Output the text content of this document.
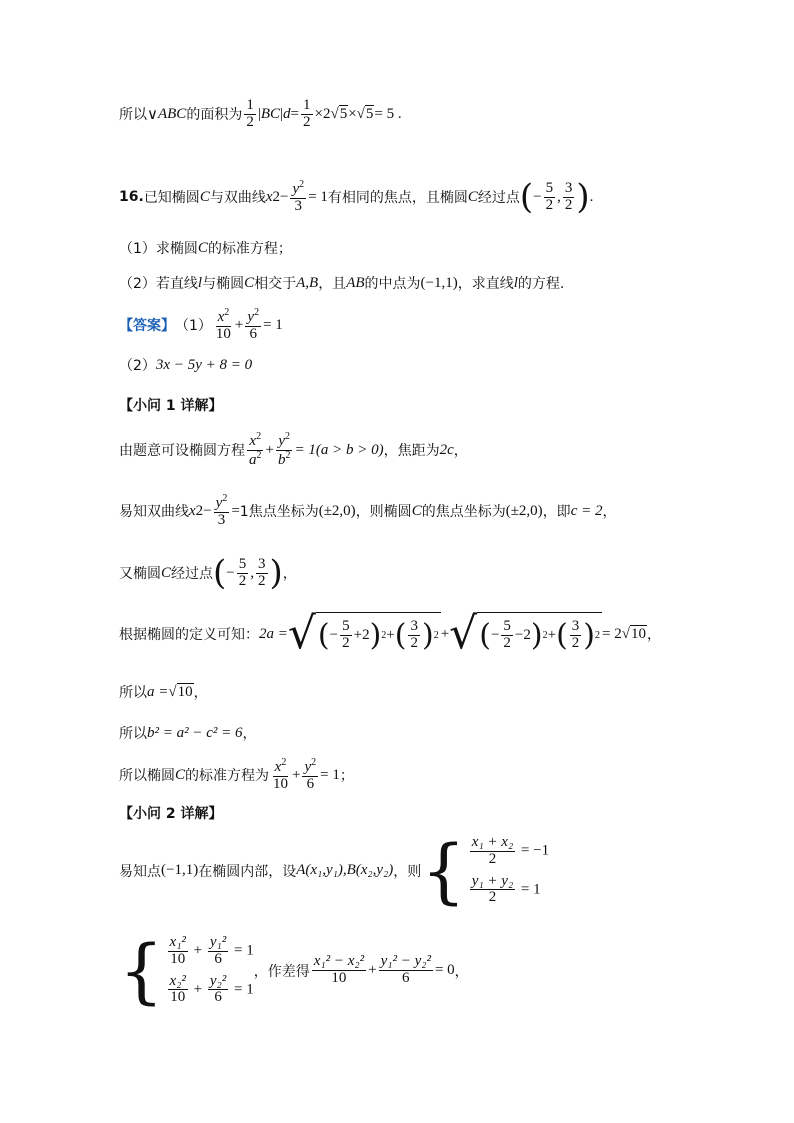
所以 ∨ ABC 的面积为 $\frac{1}{2}$ | BC | $d = \frac{1}{2} \times 2$ √ 5 × √ 5 = 5 .
16. 已知椭圆 C 与双曲线 x $2 - \frac{y^2}{3} = 1$ 有相同的焦点，且椭圆 C 经过点 ( − $\frac{5}{2}$ , $\frac{3}{2}$ ) .
（1）求椭圆 C 的标准方程；
（2）若直线 l 与椭圆 C 相交于 A,B ，且 AB 的中点为 (−1,1) ，求直线 l 的方程.
【答案】 $(1) \frac{x^2}{10} + \frac{y^2}{6} = 1$
（2） 3x − 5y + 8 = 0
【小问 1 详解】
由题意可设椭圆方程 $\frac{x^2}{a^2} + \frac{y^2}{b^2} = 1(a > b > 0)$ ，焦距为 2c ，
易知双曲线 x $2 - \frac{y^2}{3} = 1$焦点坐标为 (±2,0) ，则椭圆 C 的焦点坐标为 (±2,0) ，即 c = 2 ，
又椭圆 C 经过点 ( − $\frac{5}{2}$ , $\frac{3}{2}$ ) ，
根据椭圆的定义可知： 2a = √ ( − $\frac{5}{2} +2$ ) 2 + ( $\frac{3}{2}$ ) 2 + √ ( − $\frac{5}{2} -2$ ) 2 + ( $\frac{3}{2}$ ) 2 = 2 √ 10 ，
所以 a = √ 10 ，
所以 b² = a² − c² = 6 ，
所以椭圆 C 的标准方程为 $\frac{x^2}{10} + \frac{y^2}{6} = 1$ ；
【小问 2 详解】
易知点 (−1,1) 在椭圆内部，设 A(x₁,y₁),B(x₂,y₂) ，则 { $\frac{\text{x₁ + x₂}}{2} = -1$
$\frac{\text{y₁ + y₂}}{2} = 1$
{ $\frac{\text{x₁²}}{10} + \frac{\text{y₁²}}{6} = 1$
$\frac{\text{x₂²}}{10} + \frac{\text{y₂²}}{6} = 1$
，作差得 $\frac{\text{x₁² − x₂²}}{10} + \frac{\text{y₁² − y₂²}}{6} = 0$ ，
